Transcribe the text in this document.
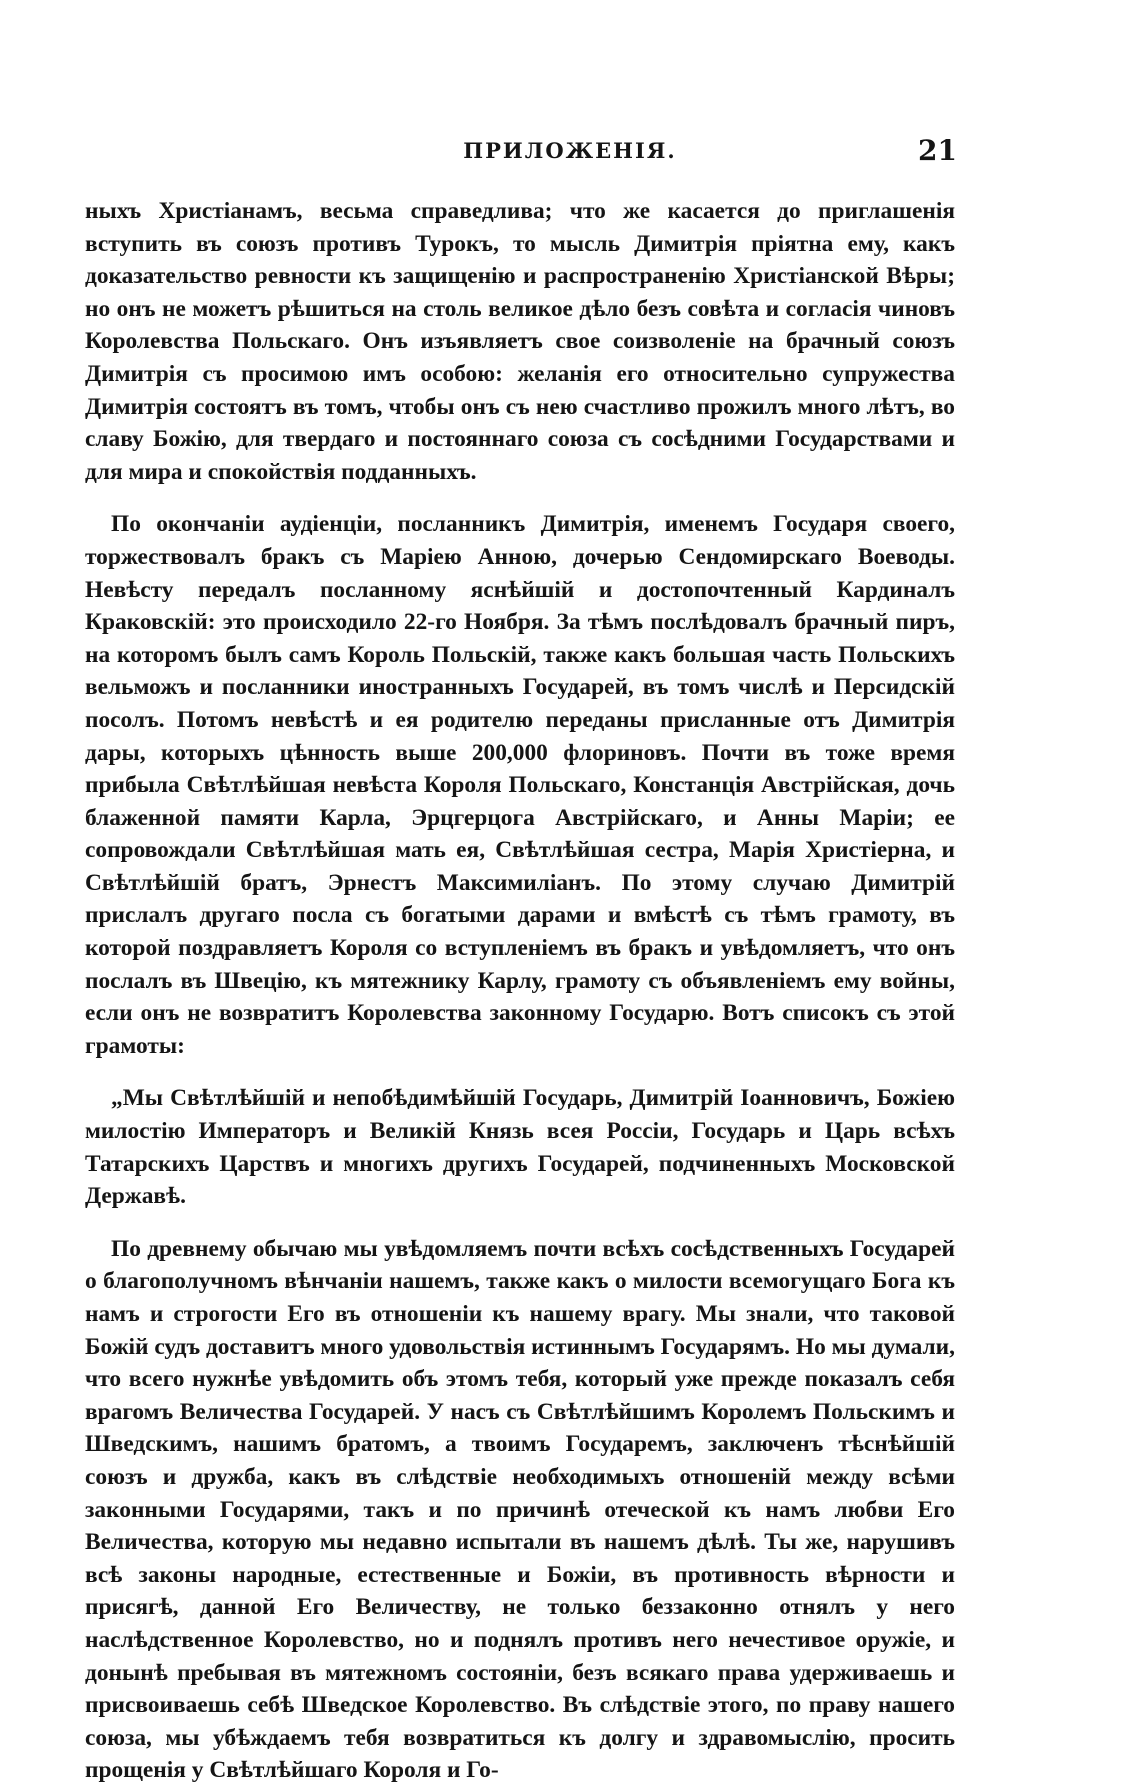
ПРИЛОЖЕНІЯ.	21

ныхъ Христіанамъ, весьма справедлива; что же касается до приглашенія вступить въ союзъ противъ Турокъ, то мысль Димитрія пріятна ему, какъ доказательство ревности къ защищенію и распространенію Христіанской Вѣры; но онъ не можетъ рѣшиться на столь великое дѣло безъ совѣта и согласія чиновъ Королевства Польскаго. Онъ изъявляетъ свое соизволеніе на брачный союзъ Димитрія съ просимою имъ особою: желанія его относительно супружества Димитрія состоятъ въ томъ, чтобы онъ съ нею счастливо прожилъ много лѣтъ, во славу Божію, для твердаго и постояннаго союза съ сосѣдними Государствами и для мира и спокойствія подданныхъ.

По окончаніи аудіенціи, посланникъ Димитрія, именемъ Государя своего, торжествовалъ бракъ съ Маріею Анною, дочерью Сендомирскаго Воеводы. Невѣсту передалъ посланному яснѣйшій и достопочтенный Кардиналъ Краковскій: это происходило 22-го Ноября. За тѣмъ послѣдовалъ брачный пиръ, на которомъ былъ самъ Король Польскій, также какъ большая часть Польскихъ вельможъ и посланники иностранныхъ Государей, въ томъ числѣ и Персидскій посолъ. Потомъ невѣстѣ и ея родителю переданы присланные отъ Димитрія дары, которыхъ цѣнность выше 200,000 флориновъ. Почти въ тоже время прибыла Свѣтлѣйшая невѣста Короля Польскаго, Констанція Австрійская, дочь блаженной памяти Карла, Эрцгерцога Австрійскаго, и Анны Маріи; ее сопровождали Свѣтлѣйшая мать ея, Свѣтлѣйшая сестра, Марія Христіерна, и Свѣтлѣйшій братъ, Эрнестъ Максимиліанъ. По этому случаю Димитрій прислалъ другаго посла съ богатыми дарами и вмѣстѣ съ тѣмъ грамоту, въ которой поздравляетъ Короля со вступленіемъ въ бракъ и увѣдомляетъ, что онъ послалъ въ Швецію, къ мятежнику Карлу, грамоту съ объявленіемъ ему войны, если онъ не возвратитъ Королевства законному Государю. Вотъ списокъ съ этой грамоты:

„Мы Свѣтлѣйшій и непобѣдимѣйшій Государь, Димитрій Іоанновичъ, Божіею милостію Императоръ и Великій Князь всея Россіи, Государь и Царь всѣхъ Татарскихъ Царствъ и многихъ другихъ Государей, подчиненныхъ Московской Державѣ.

По древнему обычаю мы увѣдомляемъ почти всѣхъ сосѣдственныхъ Государей о благополучномъ вѣнчаніи нашемъ, также какъ о милости всемогущаго Бога къ намъ и строгости Его въ отношеніи къ нашему врагу. Мы знали, что таковой Божій судъ доставитъ много удовольствія истиннымъ Государямъ. Но мы думали, что всего нужнѣе увѣдомить объ этомъ тебя, который уже прежде показалъ себя врагомъ Величества Государей. У насъ съ Свѣтлѣйшимъ Королемъ Польскимъ и Шведскимъ, нашимъ братомъ, а твоимъ Государемъ, заключенъ тѣснѣйшій союзъ и дружба, какъ въ слѣдствіе необходимыхъ отношеній между всѣми законными Государями, такъ и по причинѣ отеческой къ намъ любви Его Величества, которую мы недавно испытали въ нашемъ дѣлѣ. Ты же, нарушивъ всѣ законы народные, естественные и Божіи, въ противность вѣрности и присягѣ, данной Его Величеству, не только беззаконно отнялъ у него наслѣдственное Королевство, но и поднялъ противъ него нечестивое оружіе, и донынѣ пребывая въ мятежномъ состояніи, безъ всякаго права удерживаешь и присвоиваешь себѣ Шведское Королевство. Въ слѣдствіе этого, по праву нашего союза, мы убѣждаемъ тебя возвратиться къ долгу и здравомыслію, просить прощенія у Свѣтлѣйшаго Короля и Го-
